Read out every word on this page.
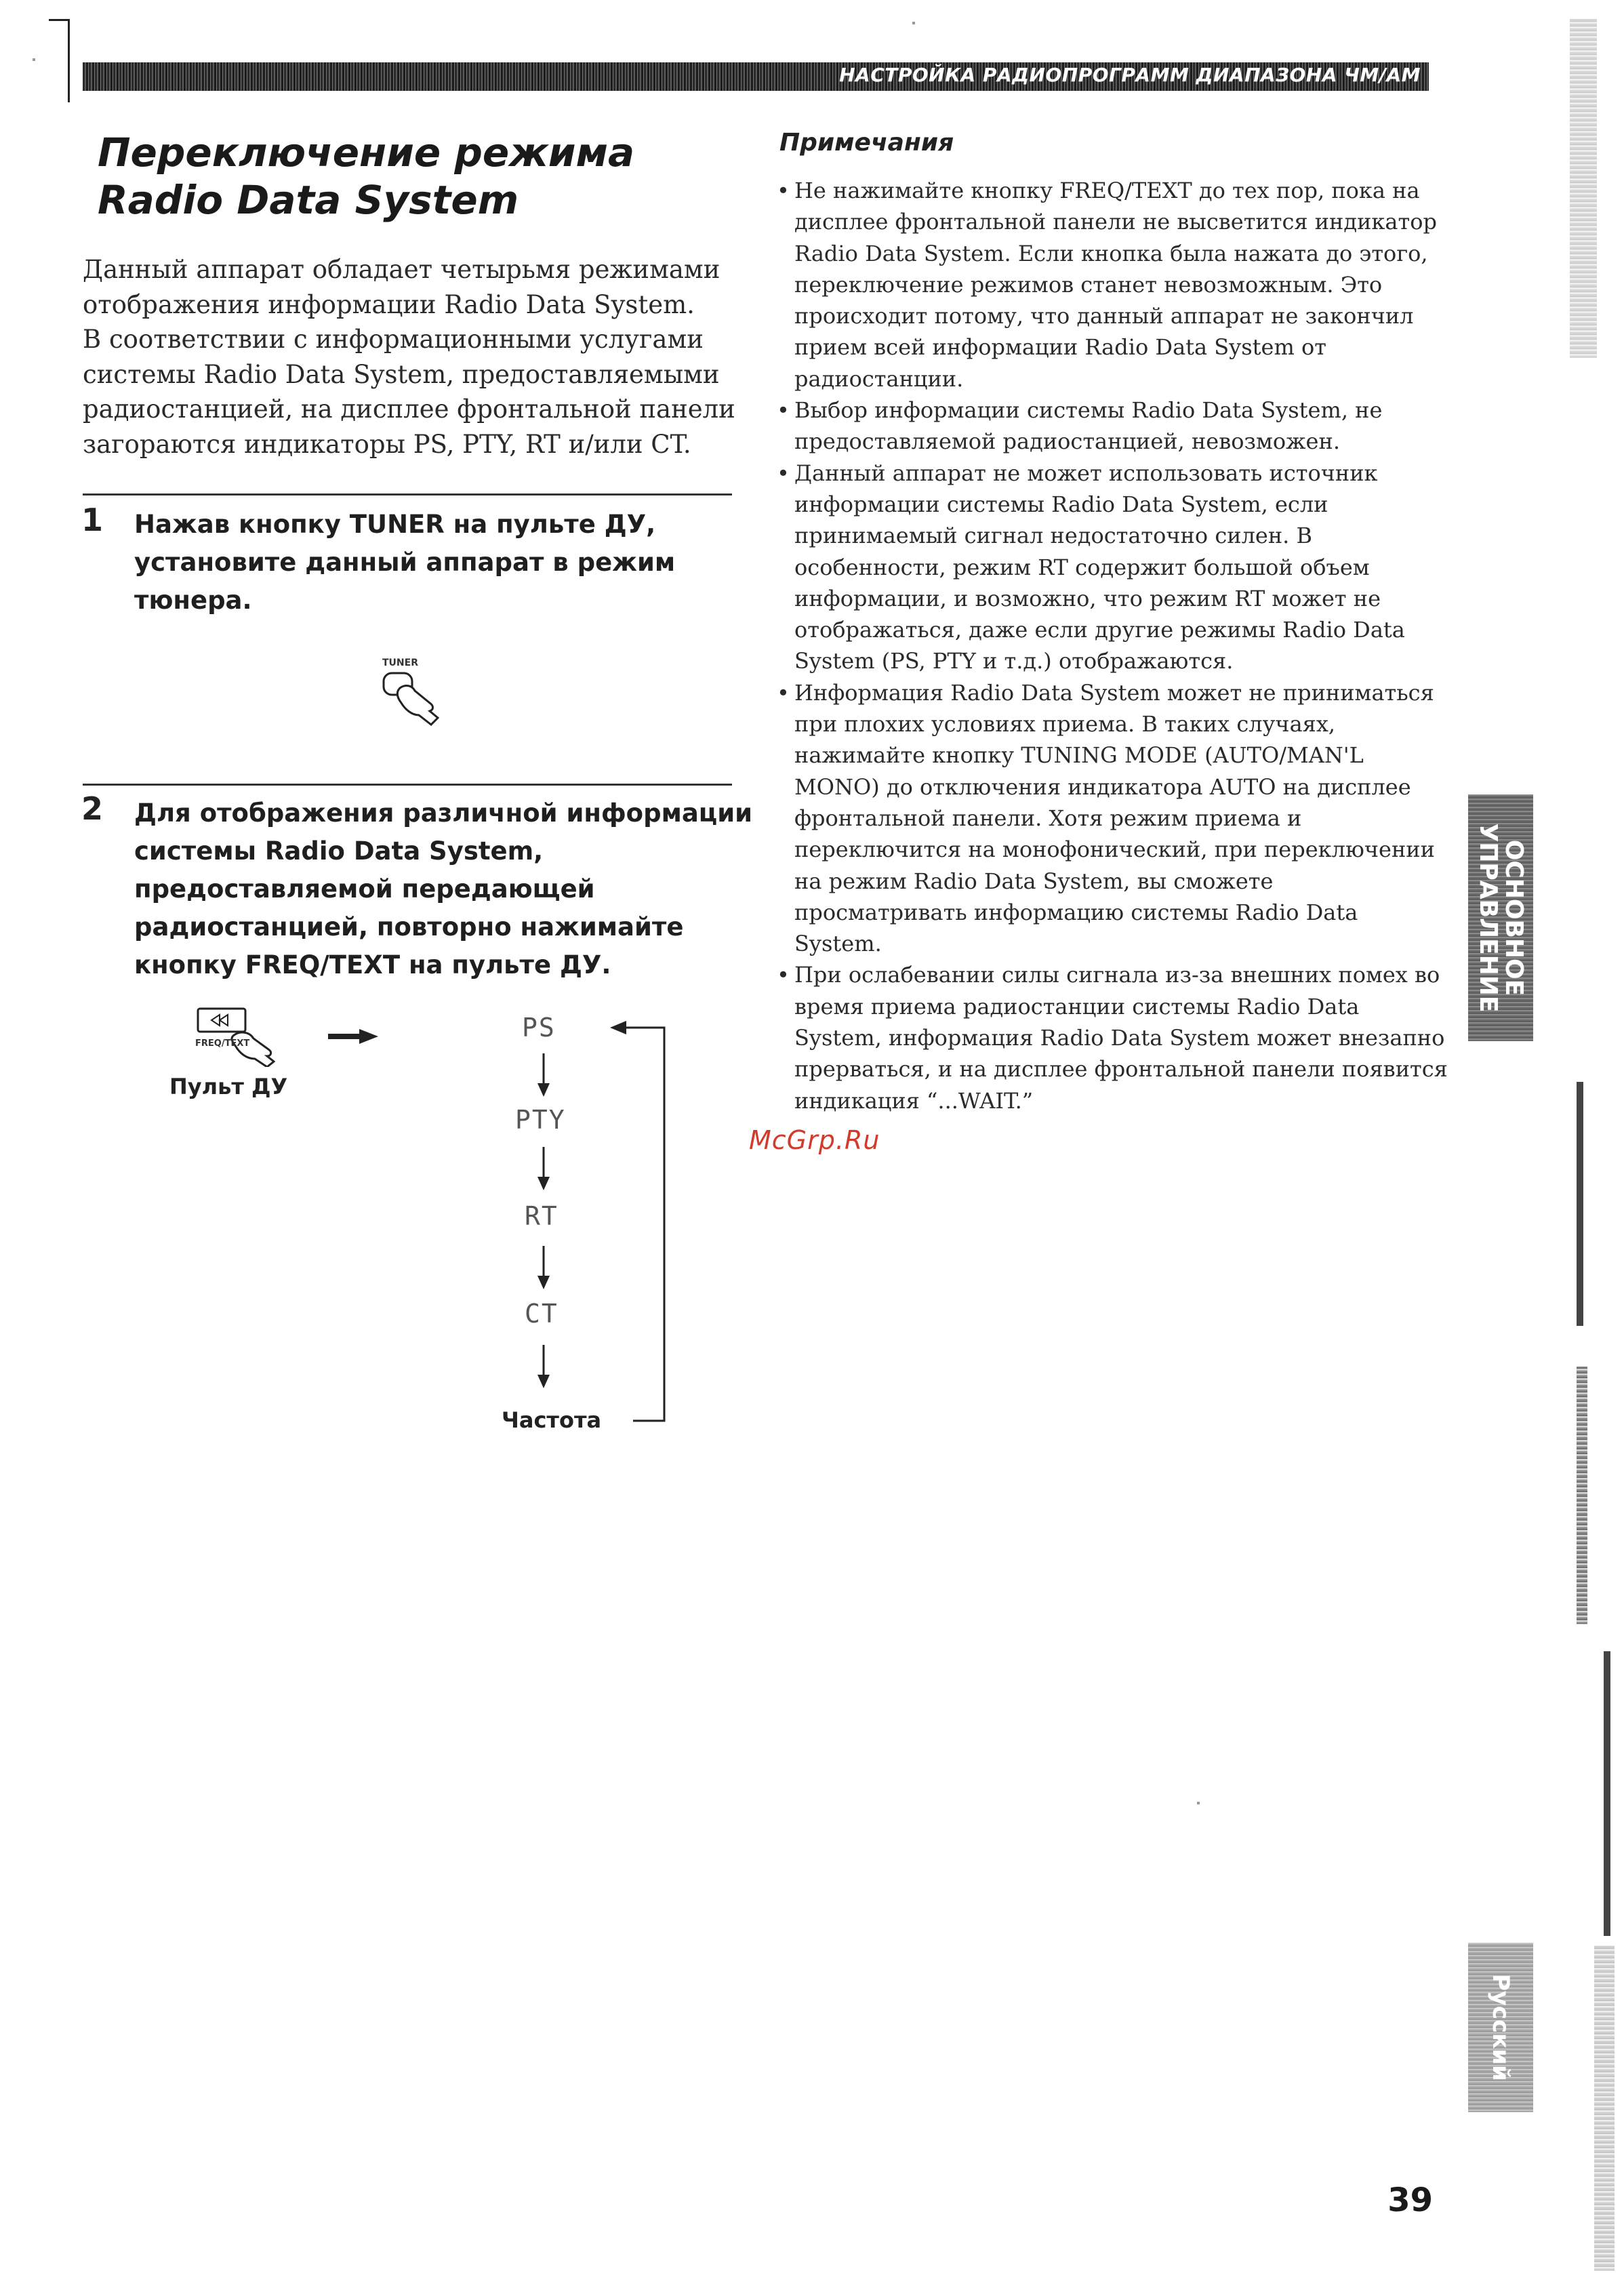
НАСТРОЙКА РАДИОПРОГРАММ ДИАПАЗОНА ЧМ/АМ
Переключение режима
Radio Data System
Данный аппарат обладает четырьмя режимами
отображения информации Radio Data System.
В соответствии с информационными услугами
системы Radio Data System, предоставляемыми
радиостанцией, на дисплее фронтальной панели
загораются индикаторы PS, PTY, RT и/или CT.
1 Нажав кнопку TUNER на пульте ДУ,
установите данный аппарат в режим
тюнера.
TUNER
2 Для отображения различной информации
системы Radio Data System,
предоставляемой передающей
радиостанцией, повторно нажимайте
кнопку FREQ/TEXT на пульте ДУ.
FREQ/TEXT
Пульт ДУ
PS
PTY
RT
CT
Частота
Примечания
• Не нажимайте кнопку FREQ/TEXT до тех пор, пока на
дисплее фронтальной панели не высветится индикатор
Radio Data System. Если кнопка была нажата до этого,
переключение режимов станет невозможным. Это
происходит потому, что данный аппарат не закончил
прием всей информации Radio Data System от
радиостанции.
• Выбор информации системы Radio Data System, не
предоставляемой радиостанцией, невозможен.
• Данный аппарат не может использовать источник
информации системы Radio Data System, если
принимаемый сигнал недостаточно силен. В
особенности, режим RT содержит большой объем
информации, и возможно, что режим RT может не
отображаться, даже если другие режимы Radio Data
System (PS, PTY и т.д.) отображаются.
• Информация Radio Data System может не приниматься
при плохих условиях приема. В таких случаях,
нажимайте кнопку TUNING MODE (AUTO/MAN'L
MONO) до отключения индикатора AUTO на дисплее
фронтальной панели. Хотя режим приема и
переключится на монофонический, при переключении
на режим Radio Data System, вы сможете
просматривать информацию системы Radio Data
System.
• При ослабевании силы сигнала из-за внешних помех во
время приема радиостанции системы Radio Data
System, информация Radio Data System может внезапно
прерваться, и на дисплее фронтальной панели появится
индикация “...WAIT.”
McGrp.Ru
ОСНОВНОЕ
УПРАВЛЕНИЕ
Русский
39
